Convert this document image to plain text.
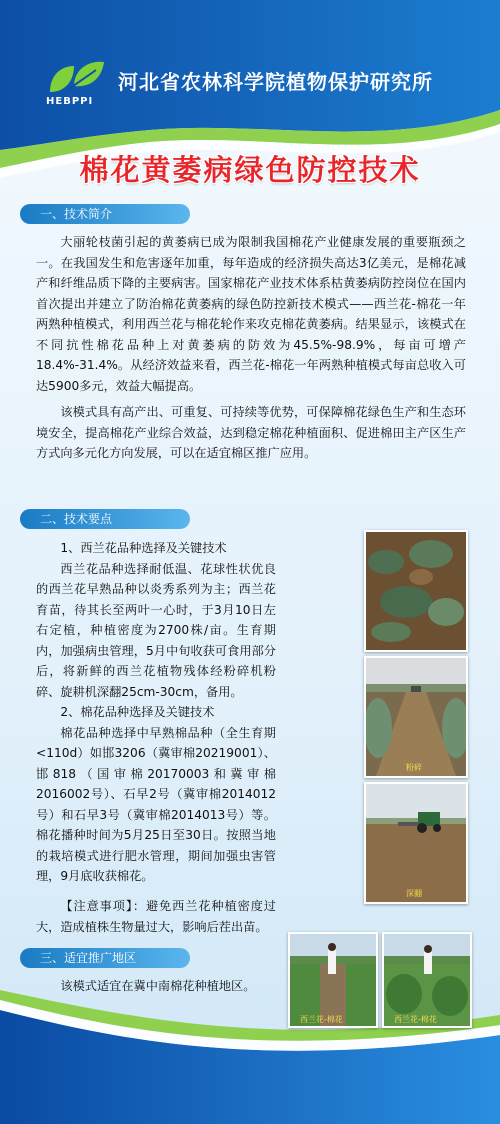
HEBPPI
河北省农林科学院植物保护研究所
棉花黄萎病绿色防控技术
一、技术简介

大丽轮枝菌引起的黄萎病已成为限制我国棉花产业健康发展的重要瓶颈之一。在我国发生和危害逐年加重，每年造成的经济损失高达3亿美元，是棉花减产和纤维品质下降的主要病害。国家棉花产业技术体系枯黄萎病防控岗位在国内首次提出并建立了防治棉花黄萎病的绿色防控新技术模式——西兰花-棉花一年两熟种植模式，利用西兰花与棉花轮作来攻克棉花黄萎病。结果显示，该模式在不同抗性棉花品种上对黄萎病的防效为45.5%-98.9%，每亩可增产18.4%-31.4%。从经济效益来看，西兰花-棉花一年两熟种植模式每亩总收入可达5900多元，效益大幅提高。

该模式具有高产出、可重复、可持续等优势，可保障棉花绿色生产和生态环境安全，提高棉花产业综合效益，达到稳定棉花种植面积、促进棉田主产区生产方式向多元化方向发展，可以在适宜棉区推广应用。

二、技术要点

1、西兰花品种选择及关键技术

西兰花品种选择耐低温、花球性状优良的西兰花早熟品种以炎秀系列为主；西兰花育苗，待其长至两叶一心时，于3月10日左右定植，种植密度为2700株/亩。生育期内，加强病虫管理，5月中旬收获可食用部分后，将新鲜的西兰花植物残体经粉碎机粉碎、旋耕机深翻25cm-30cm，备用。

2、棉花品种选择及关键技术

棉花品种选择中早熟棉品种（全生育期<110d）如邯3206（冀审棉20219001）、邯818（国审棉20170003和冀审棉2016002号）、石早2号（冀审棉2014012号）和石早3号（冀审棉2014013号）等。棉花播种时间为5月25日至30日。按照当地的栽培模式进行肥水管理，期间加强虫害管理，9月底收获棉花。

【注意事项】：避免西兰花种植密度过大，造成植株生物量过大，影响后茬出苗。

三、适宜推广地区

该模式适宜在冀中南棉花种植地区。

粉碎
深翻
西兰花-棉花	西兰花-棉花
